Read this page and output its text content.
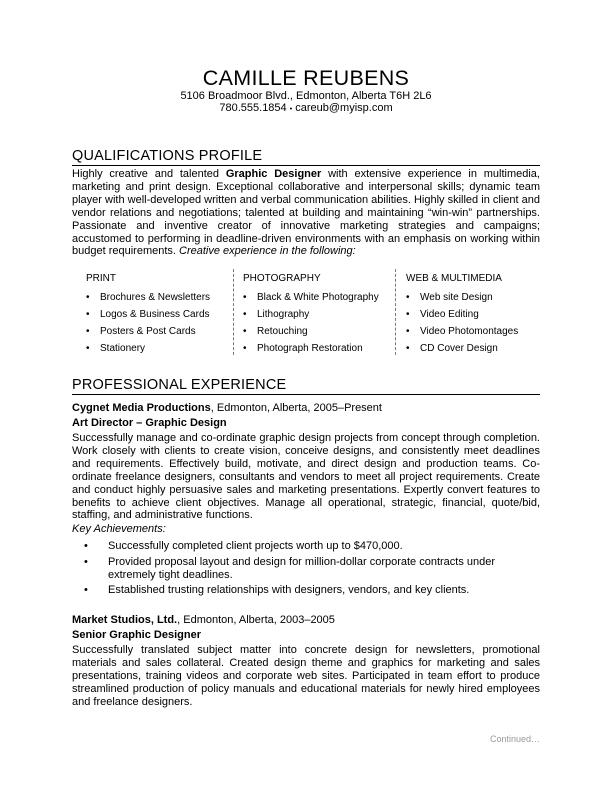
CAMILLE REUBENS
5106 Broadmoor Blvd., Edmonton, Alberta T6H 2L6
780.555.1854 • careub@myisp.com
QUALIFICATIONS PROFILE
Highly creative and talented Graphic Designer with extensive experience in multimedia, marketing and print design. Exceptional collaborative and interpersonal skills; dynamic team player with well-developed written and verbal communication abilities. Highly skilled in client and vendor relations and negotiations; talented at building and maintaining “win-win” partnerships. Passionate and inventive creator of innovative marketing strategies and campaigns; accustomed to performing in deadline-driven environments with an emphasis on working within budget requirements. Creative experience in the following:
PRINT
• Brochures & Newsletters
• Logos & Business Cards
• Posters & Post Cards
• Stationery
PHOTOGRAPHY
• Black & White Photography
• Lithography
• Retouching
• Photograph Restoration
WEB & MULTIMEDIA
• Web site Design
• Video Editing
• Video Photomontages
• CD Cover Design
PROFESSIONAL EXPERIENCE
Cygnet Media Productions, Edmonton, Alberta, 2005–Present
Art Director – Graphic Design
Successfully manage and co-ordinate graphic design projects from concept through completion. Work closely with clients to create vision, conceive designs, and consistently meet deadlines and requirements. Effectively build, motivate, and direct design and production teams. Co-ordinate freelance designers, consultants and vendors to meet all project requirements. Create and conduct highly persuasive sales and marketing presentations. Expertly convert features to benefits to achieve client objectives. Manage all operational, strategic, financial, quote/bid, staffing, and administrative functions.
Key Achievements:
• Successfully completed client projects worth up to $470,000.
• Provided proposal layout and design for million-dollar corporate contracts under extremely tight deadlines.
• Established trusting relationships with designers, vendors, and key clients.
Market Studios, Ltd., Edmonton, Alberta, 2003–2005
Senior Graphic Designer
Successfully translated subject matter into concrete design for newsletters, promotional materials and sales collateral. Created design theme and graphics for marketing and sales presentations, training videos and corporate web sites. Participated in team effort to produce streamlined production of policy manuals and educational materials for newly hired employees and freelance designers.
Continued…
